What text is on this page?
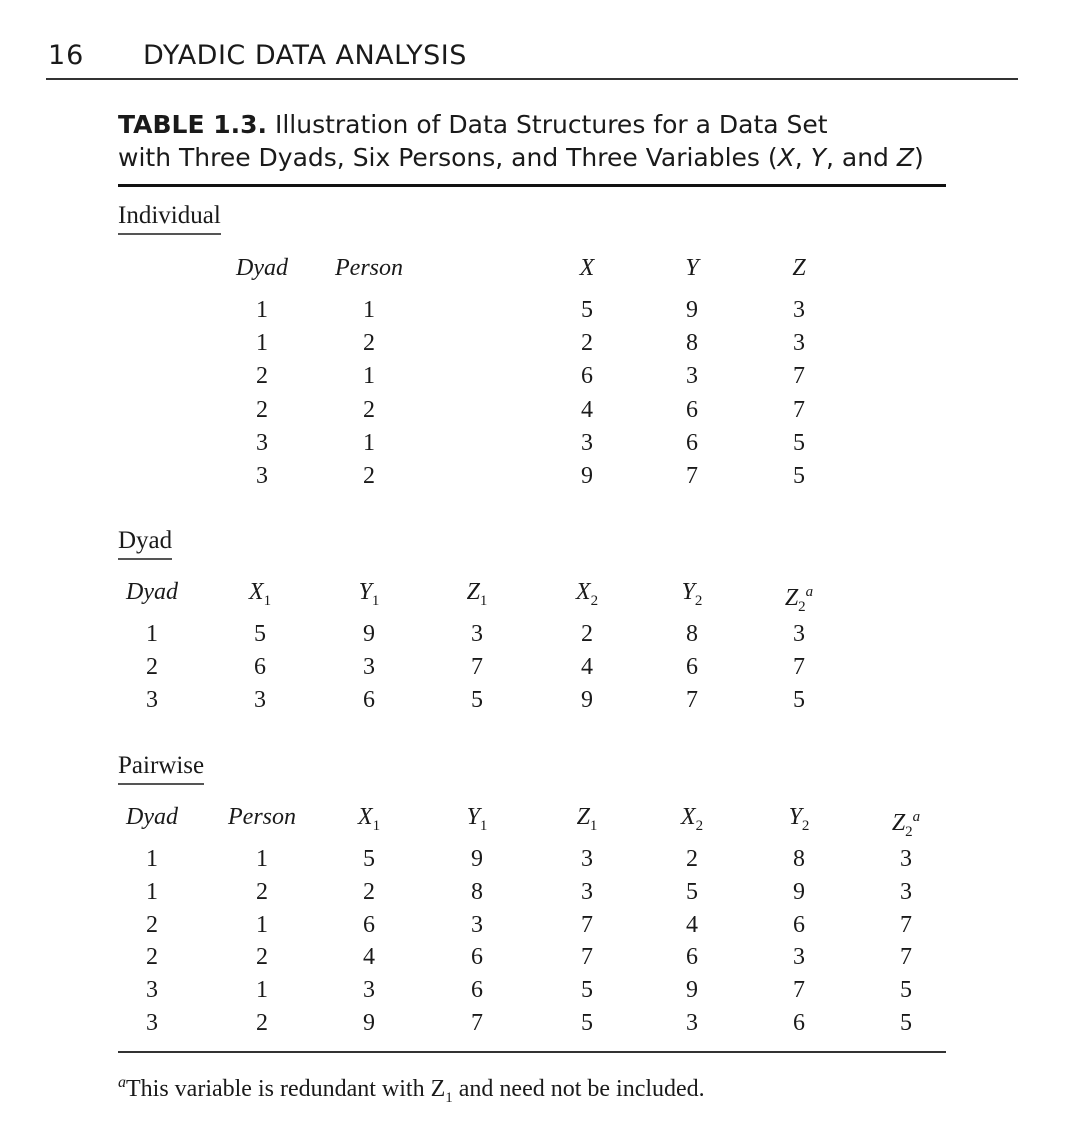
16 DYADIC DATA ANALYSIS
TABLE 1.3. Illustration of Data Structures for a Data Set
with Three Dyads, Six Persons, and Three Variables (X, Y, and Z)
Individual
Dyad	Person	X	Y	Z
1	1	5	9	3
1	2	2	8	3
2	1	6	3	7
2	2	4	6	7
3	1	3	6	5
3	2	9	7	5
Dyad
Dyad	$X_1$	$Y_1$	$Z_1$	$X_2$	$Y_2$	$Z_2^a$
1	5	9	3	2	8	3
2	6	3	7	4	6	7
3	3	6	5	9	7	5
Pairwise
Dyad	Person	$X_1$	$Y_1$	$Z_1$	$X_2$	$Y_2$	$Z_2^a$
1	1	5	9	3	2	8	3
1	2	2	8	3	5	9	3
2	1	6	3	7	4	6	7
2	2	4	6	7	6	3	7
3	1	3	6	5	9	7	5
3	2	9	7	5	3	6	5
$^a$This variable is redundant with $Z_1$ and need not be included.
